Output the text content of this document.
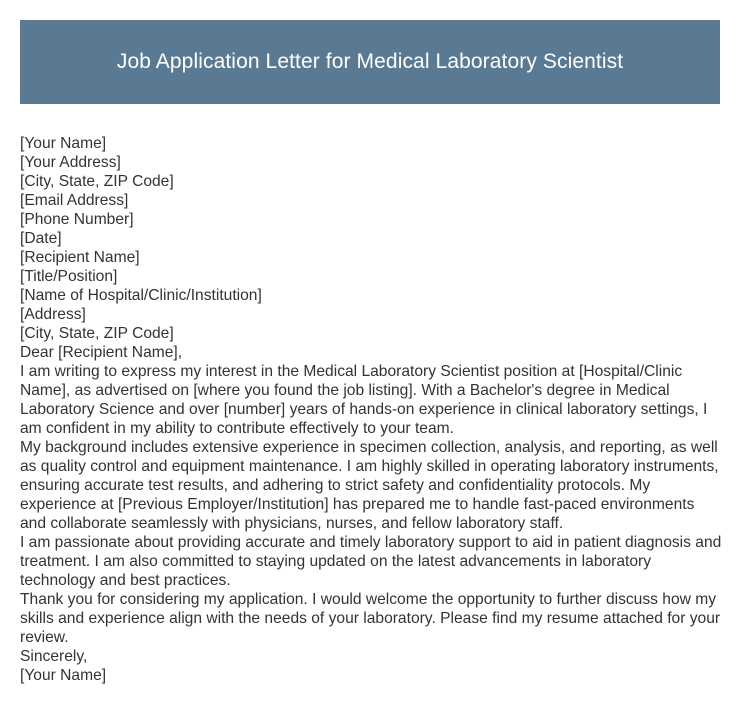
Job Application Letter for Medical Laboratory Scientist

[Your Name]

[Your Address]

[City, State, ZIP Code]

[Email Address]

[Phone Number]

[Date]

[Recipient Name]

[Title/Position]

[Name of Hospital/Clinic/Institution]

[Address]

[City, State, ZIP Code]

Dear [Recipient Name],

I am writing to express my interest in the Medical Laboratory Scientist position at [Hospital/Clinic Name], as advertised on [where you found the job listing]. With a Bachelor's degree in Medical Laboratory Science and over [number] years of hands-on experience in clinical laboratory settings, I am confident in my ability to contribute effectively to your team.

My background includes extensive experience in specimen collection, analysis, and reporting, as well as quality control and equipment maintenance. I am highly skilled in operating laboratory instruments, ensuring accurate test results, and adhering to strict safety and confidentiality protocols. My experience at [Previous Employer/Institution] has prepared me to handle fast-paced environments and collaborate seamlessly with physicians, nurses, and fellow laboratory staff.

I am passionate about providing accurate and timely laboratory support to aid in patient diagnosis and treatment. I am also committed to staying updated on the latest advancements in laboratory technology and best practices.

Thank you for considering my application. I would welcome the opportunity to further discuss how my skills and experience align with the needs of your laboratory. Please find my resume attached for your review.

Sincerely,

[Your Name]
